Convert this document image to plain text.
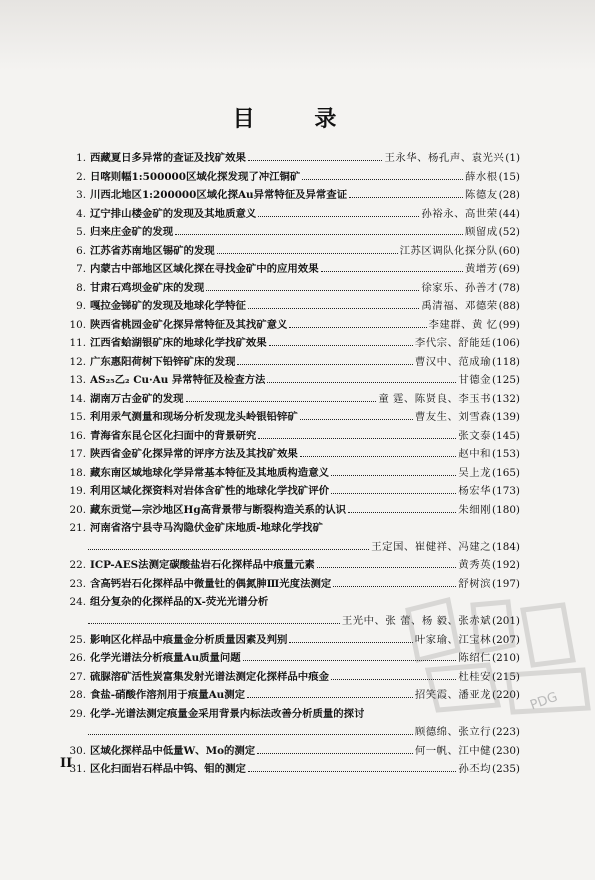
目 录
1. 西藏夏日多异常的查证及找矿效果	王永华、杨孔声、袁光兴 (1)
2. 日喀则幅1:500000区域化探发现了冲江铜矿	薛水根 (15)
3. 川西北地区1:200000区域化探Au异常特征及异常查证	陈德友 (28)
4. 辽宁排山楼金矿的发现及其地质意义	孙裕永、高世荣 (44)
5. 归来庄金矿的发现	顾留成 (52)
6. 江苏省苏南地区锡矿的发现	江苏区调队化探分队 (60)
7. 内蒙古中部地区区域化探在寻找金矿中的应用效果	黄增芳 (69)
8. 甘肃石鸡坝金矿床的发现	徐家乐、孙善才 (78)
9. 嘎拉金锑矿的发现及地球化学特征	禹清福、邓德荣 (88)
10. 陕西省桃园金矿化探异常特征及其找矿意义	李建群、黄 忆 (99)
11. 江西省蛤湖银矿床的地球化学找矿效果	李代宗、舒能廷 (106)
12. 广东惠阳荷树下铅锌矿床的发现	曹汉中、范成瑜 (118)
13. AS₂₅乙₂ Cu·Au 异常特征及检查方法	甘德金 (125)
14. 湖南万古金矿的发现	童 霆、陈贤良、李玉书 (132)
15. 利用汞气测量和现场分析发现龙头岭银铅锌矿	曹友生、刘雪森 (139)
16. 青海省东昆仑区化扫面中的背景研究	张文泰 (145)
17. 陕西省金矿化探异常的评序方法及其找矿效果	赵中和 (153)
18. 藏东南区域地球化学异常基本特征及其地质构造意义	吴上龙 (165)
19. 利用区域化探资料对岩体含矿性的地球化学找矿评价	杨宏华 (173)
20. 藏东贡觉—宗沙地区Hg高背景带与断裂构造关系的认识	朱细刚 (180)
21. 河南省洛宁县寺马沟隐伏金矿床地质-地球化学找矿
王定国、崔健祥、冯建之 (184)
22. ICP-AES法测定碳酸盐岩石化探样品中痕量元素	黄秀英 (192)
23. 含高钙岩石化探样品中微量钍的偶氮胂Ⅲ光度法测定	舒树滨 (197)
24. 组分复杂的化探样品的X-荧光光谱分析
王光中、张 蕾、杨 毅、张赤斌 (201)
25. 影响区化样品中痕量金分析质量因素及判别	叶家瑜、江宝林 (207)
26. 化学光谱法分析痕量Au质量问题	陈绍仁 (210)
27. 硫脲溶矿活性炭富集发射光谱法测定化探样品中痕金	杜桂安 (215)
28. 食盐-硝酸作溶剂用于痕量Au测定	招笑霞、潘亚龙 (220)
29. 化学-光谱法测定痕量金采用背景内标法改善分析质量的探讨
顾德绵、张立行 (223)
30. 区域化探样品中低量W、Mo的测定	何一帆、江中健 (230)
31. 区化扫面岩石样品中钨、钼的测定	孙丕均 (235)
II
PDG
